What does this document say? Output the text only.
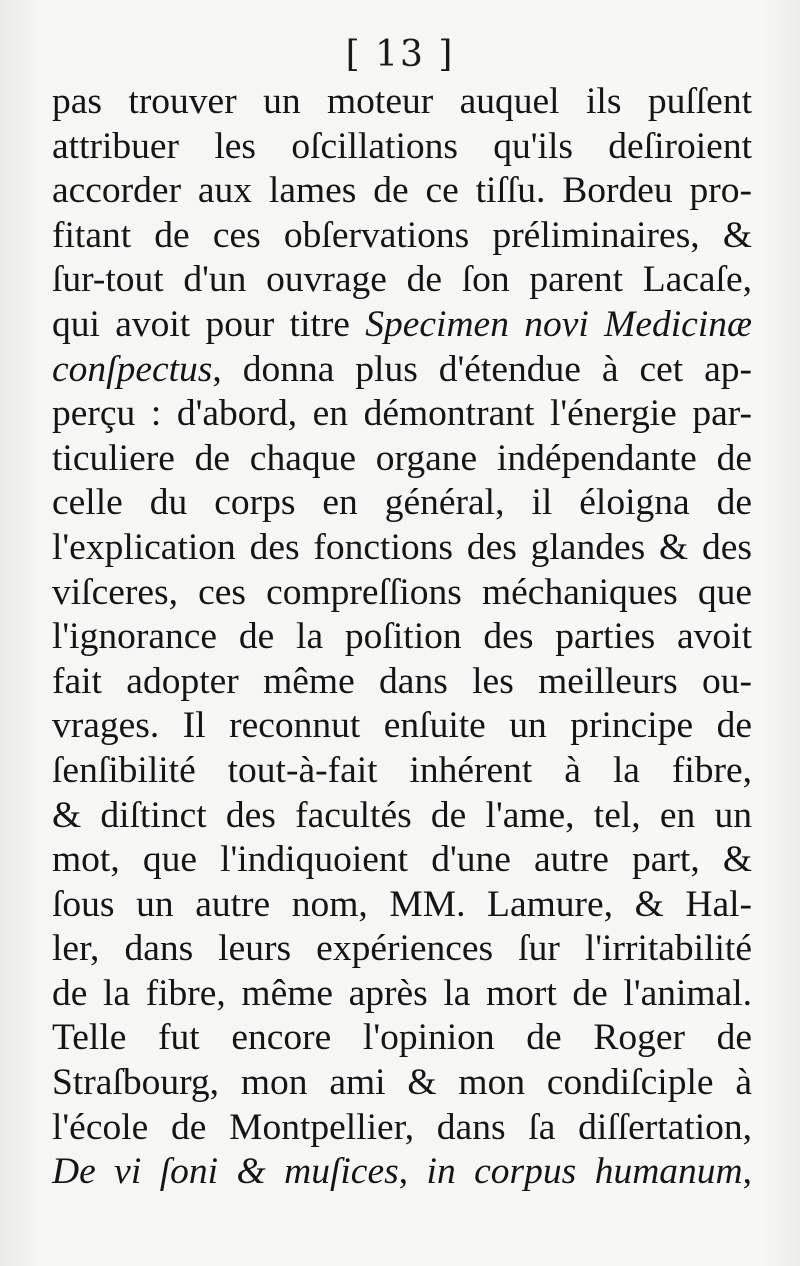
[ 13 ]
pas trouver un moteur auquel ils puſſent
attribuer les oſcillations qu'ils deſiroient
accorder aux lames de ce tiſſu. Bordeu pro-
fitant de ces obſervations préliminaires, &
ſur-tout d'un ouvrage de ſon parent Lacaſe,
qui avoit pour titre Specimen novi Medicinæ
conſpectus, donna plus d'étendue à cet ap-
perçu : d'abord, en démontrant l'énergie par-
ticuliere de chaque organe indépendante de
celle du corps en général, il éloigna de
l'explication des fonctions des glandes & des
viſceres, ces compreſſions méchaniques que
l'ignorance de la poſition des parties avoit
fait adopter même dans les meilleurs ou-
vrages. Il reconnut enſuite un principe de
ſenſibilité tout-à-fait inhérent à la fibre,
& diſtinct des facultés de l'ame, tel, en un
mot, que l'indiquoient d'une autre part, &
ſous un autre nom, MM. Lamure, & Hal-
ler, dans leurs expériences ſur l'irritabilité
de la fibre, même après la mort de l'animal.
Telle fut encore l'opinion de Roger de
Straſbourg, mon ami & mon condiſciple à
l'école de Montpellier, dans ſa diſſertation,
De vi ſoni & muſices, in corpus humanum,
